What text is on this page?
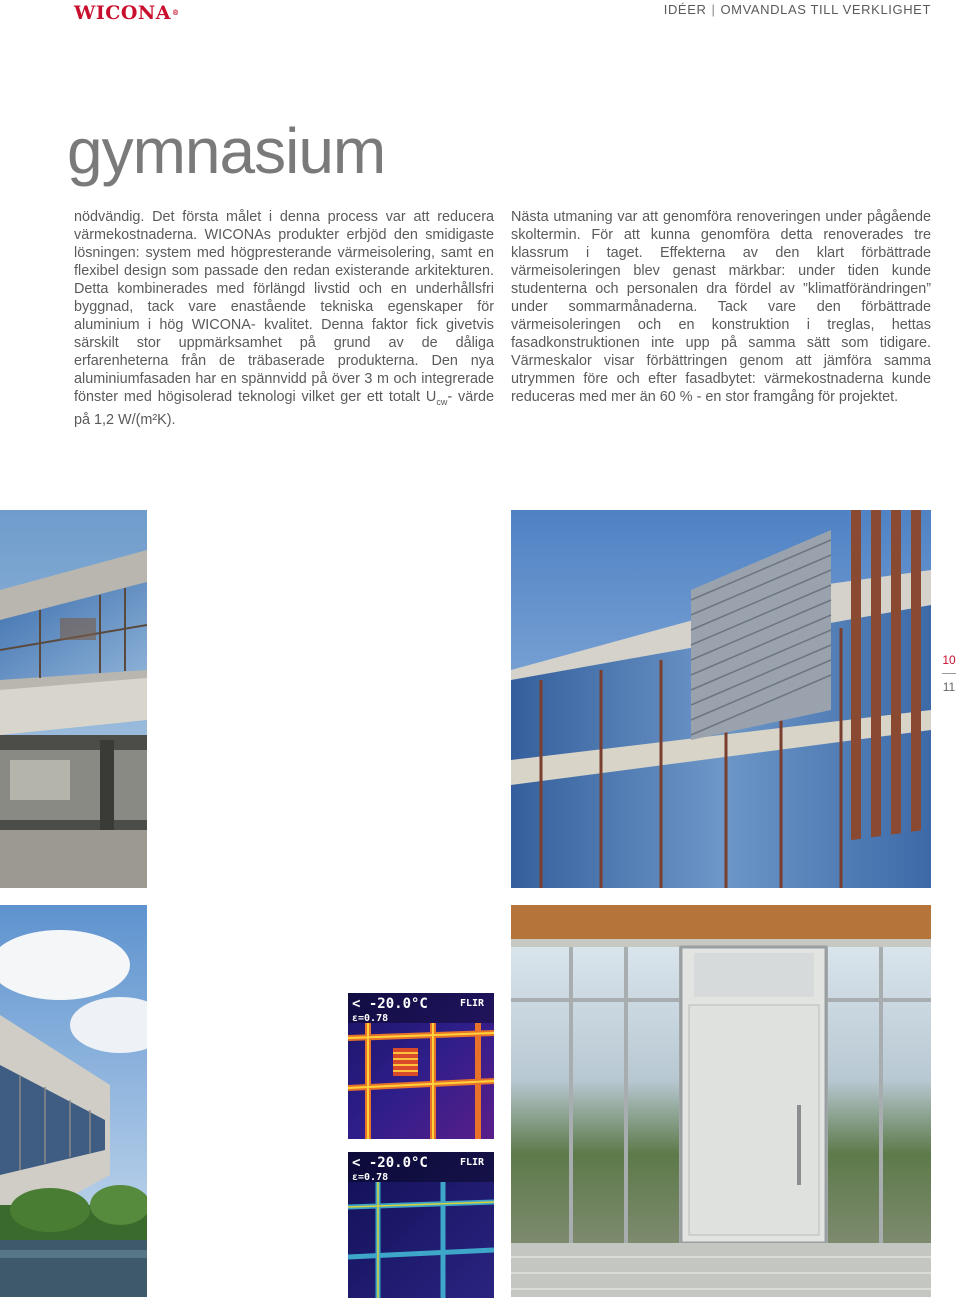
WICONA®	IDÉER | OMVANDLAS TILL VERKLIGHET
gymnasium

nödvändig. Det första målet i denna process var att reducera värmekostnaderna. WICONAs produkter erbjöd den smidigaste lösningen: system med högpresterande värmeisolering, samt en flexibel design som passade den redan existerande arkitekturen. Detta kombinerades med förlängd livstid och en underhållsfri byggnad, tack vare enastående tekniska egenskaper för aluminium i hög WICONA- kvalitet. Denna faktor fick givetvis särskilt stor uppmärksamhet på grund av de dåliga erfarenheterna från de träbaserade produkterna. Den nya aluminiumfasaden har en spännvidd på över 3 m och integrerade fönster med högisolerad teknologi vilket ger ett totalt $U_{cw}-$ värde på 1,2 W/(m²K).

Nästa utmaning var att genomföra renoveringen under pågående skoltermin. För att kunna genomföra detta renoverades tre klassrum i taget. Effekterna av den klart förbättrade värmeisoleringen blev genast märkbar: under tiden kunde studenterna och personalen dra fördel av ”klimatförändringen” under sommarmånaderna. Tack vare den förbättrade värmeisoleringen och en konstruktion i treglas, hettas fasadkonstruktionen inte upp på samma sätt som tidigare. Värmeskalor visar förbättringen genom att jämföra samma utrymmen före och efter fasadbytet: värmekostnaderna kunde reduceras med mer än 60 % - en stor framgång för projektet.

< -20.0°C
ε=0.78
FLIR
< -20.0°C
ε=0.78
FLIR
10
11
